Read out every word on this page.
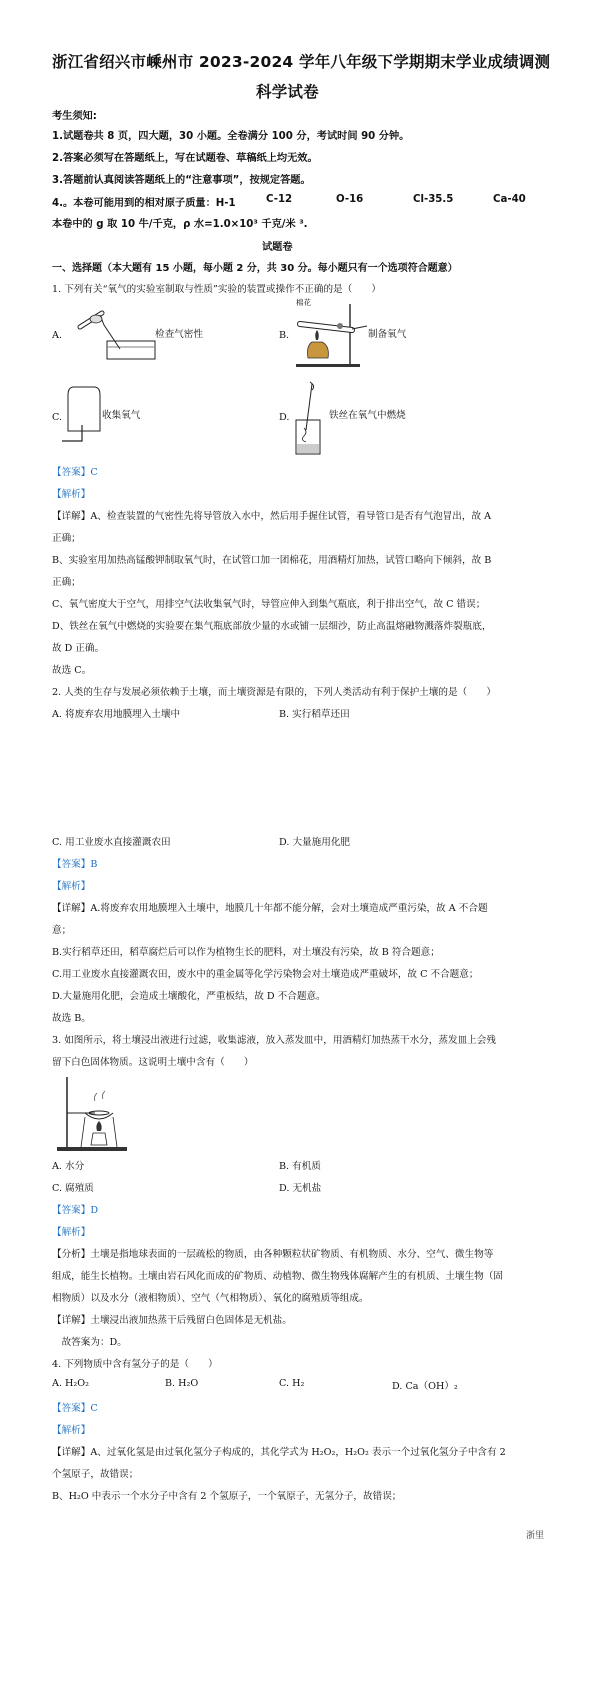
浙江省绍兴市嵊州市 2023-2024 学年八年级下学期期末学业成绩调测
科学试卷
考生须知:
1.试题卷共 8 页，四大题，30 小题。全卷满分 100 分，考试时间 90 分钟。
2.答案必须写在答题纸上，写在试题卷、草稿纸上均无效。
3.答题前认真阅读答题纸上的“注意事项”，按规定答题。
4.。本卷可能用到的相对原子质量：H-1	C-12	O-16	Cl-35.5	Ca-40
本卷中的 g 取 10 牛/千克，ρ 水=1.0×10³ 千克/米 ³.
试题卷
一、选择题（本大题有 15 小题，每小题 2 分，共 30 分。每小题只有一个选项符合题意）
1. 下列有关“氧气的实验室制取与性质”实验的装置或操作不正确的是（　　）
A.	检查气密性	B.
棉花
制备氧气
C.	收集氧气	D.	铁丝在氧气中燃烧
【答案】C
【解析】
【详解】A、检查装置的气密性先将导管放入水中，然后用手握住试管，看导管口是否有气泡冒出，故 A
正确；
B、实验室用加热高锰酸钾制取氧气时，在试管口加一团棉花，用酒精灯加热，试管口略向下倾斜，故 B
正确；
C、氧气密度大于空气，用排空气法收集氧气时，导管应伸入到集气瓶底，利于排出空气，故 C 错误；
D、铁丝在氧气中燃烧的实验要在集气瓶底部放少量的水或铺一层细沙，防止高温熔融物溅落炸裂瓶底，
故 D 正确。
故选 C。
2. 人类的生存与发展必须依赖于土壤，而土壤资源是有限的，下列人类活动有利于保护土壤的是（　　）
A. 将废弃农用地膜埋入土壤中	B. 实行稻草还田
C. 用工业废水直接灌溉农田	D. 大量施用化肥
【答案】B
【解析】
【详解】A.将废弃农用地膜埋入土壤中，地膜几十年都不能分解，会对土壤造成严重污染，故 A 不合题
意；
B.实行稻草还田，稻草腐烂后可以作为植物生长的肥料，对土壤没有污染，故 B 符合题意；
C.用工业废水直接灌溉农田，废水中的重金属等化学污染物会对土壤造成严重破坏，故 C 不合题意；
D.大量施用化肥，会造成土壤酸化，严重板结，故 D 不合题意。
故选 B。
3. 如图所示，将土壤浸出液进行过滤，收集滤液，放入蒸发皿中，用酒精灯加热蒸干水分，蒸发皿上会残
留下白色固体物质。这说明土壤中含有（　　）
A. 水分	B. 有机质
C. 腐殖质	D. 无机盐
【答案】D
【解析】
【分析】土壤是指地球表面的一层疏松的物质，由各种颗粒状矿物质、有机物质、水分、空气、微生物等
组成，能生长植物。土壤由岩石风化而成的矿物质、动植物、微生物残体腐解产生的有机质、土壤生物（固
相物质）以及水分（液相物质）、空气（气相物质）、氧化的腐殖质等组成。
【详解】土壤浸出液加热蒸干后残留白色固体是无机盐。
　故答案为：D。
4. 下列物质中含有氢分子的是（　　）
A. H₂O₂	B. H₂O	C. H₂	D. Ca（OH）₂
【答案】C
【解析】
【详解】A、过氧化氢是由过氧化氢分子构成的，其化学式为 H₂O₂，H₂O₂ 表示一个过氧化氢分子中含有 2
个氢原子，故错误；
B、H₂O 中表示一个水分子中含有 2 个氢原子，一个氧原子，无氢分子，故错误；
浙里
